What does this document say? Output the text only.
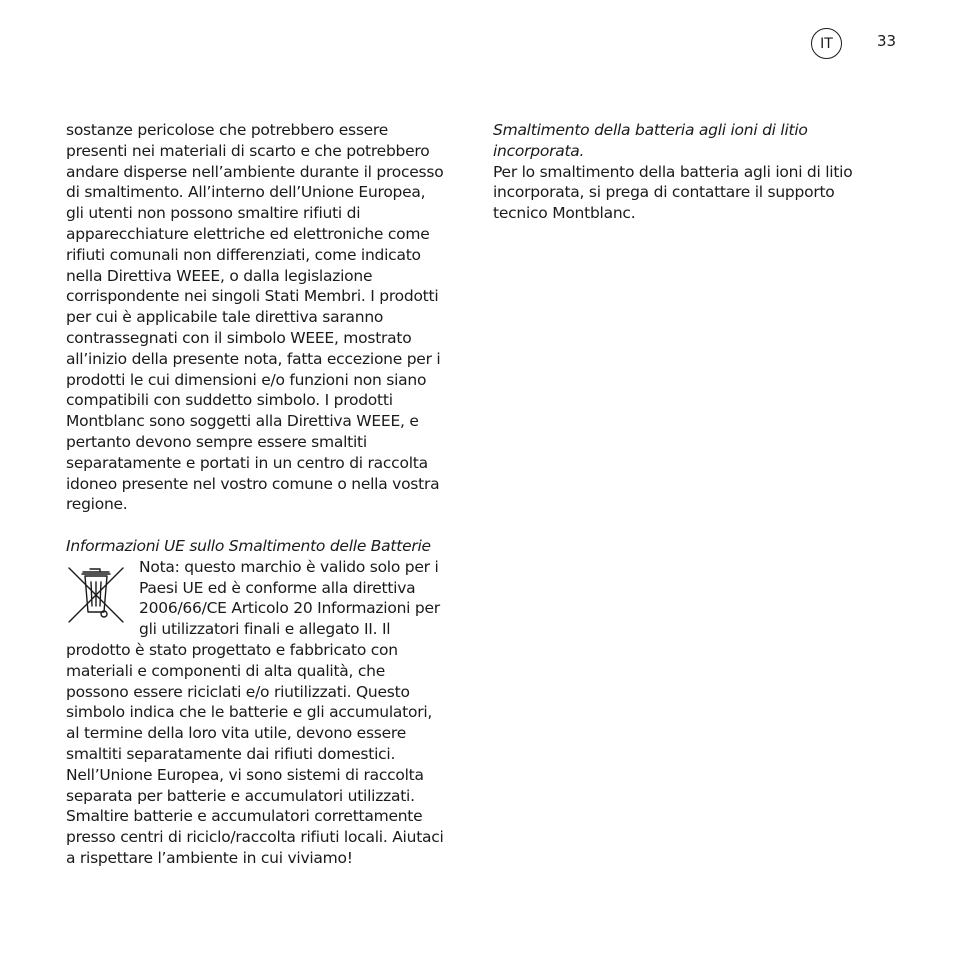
IT	33

sostanze pericolose che potrebbero essere
presenti nei materiali di scarto e che potrebbero
andare disperse nell’ambiente durante il processo
di smaltimento. All’interno dell’Unione Europea,
gli utenti non possono smaltire rifiuti di
apparecchiature elettriche ed elettroniche come
rifiuti comunali non differenziati, come indicato
nella Direttiva WEEE, o dalla legislazione
corrispondente nei singoli Stati Membri. I prodotti
per cui è applicabile tale direttiva saranno
contrassegnati con il simbolo WEEE, mostrato
all’inizio della presente nota, fatta eccezione per i
prodotti le cui dimensioni e/o funzioni non siano
compatibili con suddetto simbolo. I prodotti
Montblanc sono soggetti alla Direttiva WEEE, e
pertanto devono sempre essere smaltiti
separatamente e portati in un centro di raccolta
idoneo presente nel vostro comune o nella vostra
regione.

Informazioni UE sullo Smaltimento delle Batterie

Nota: questo marchio è valido solo per i
Paesi UE ed è conforme alla direttiva
2006/66/CE Articolo 20 Informazioni per
gli utilizzatori finali e allegato II. Il
prodotto è stato progettato e fabbricato con
materiali e componenti di alta qualità, che
possono essere riciclati e/o riutilizzati. Questo
simbolo indica che le batterie e gli accumulatori,
al termine della loro vita utile, devono essere
smaltiti separatamente dai rifiuti domestici.
Nell’Unione Europea, vi sono sistemi di raccolta
separata per batterie e accumulatori utilizzati.
Smaltire batterie e accumulatori correttamente
presso centri di riciclo/raccolta rifiuti locali. Aiutaci
a rispettare l’ambiente in cui viviamo!

Smaltimento della batteria agli ioni di litio
incorporata.

Per lo smaltimento della batteria agli ioni di litio
incorporata, si prega di contattare il supporto
tecnico Montblanc.
